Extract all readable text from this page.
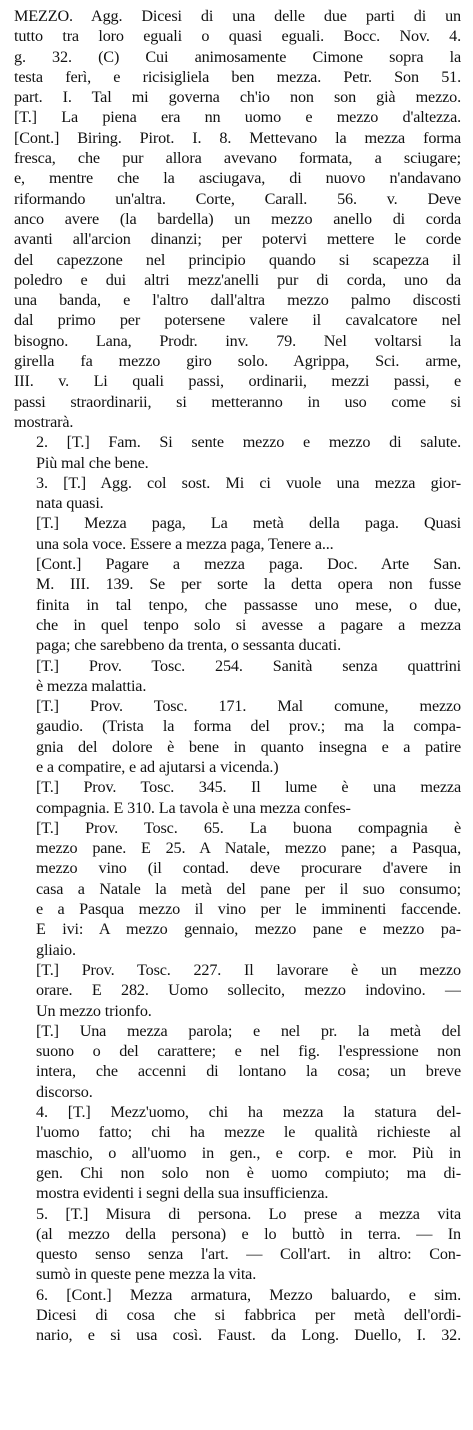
MEZZO. Agg. Dicesi di una delle due parti di un
tutto tra loro eguali o quasi eguali. Bocc. Nov. 4.
g. 32. (C) Cui animosamente Cimone sopra la
testa ferì, e ricisigliela ben mezza. Petr. Son 51.
part. I. Tal mi governa ch'io non son già mezzo.
[T.] La piena era nn uomo e mezzo d'altezza.
[Cont.] Biring. Pirot. I. 8. Mettevano la mezza forma
fresca, che pur allora avevano formata, a sciugare;
e, mentre che la asciugava, di nuovo n'andavano
riformando un'altra. Corte, Carall. 56. v. Deve
anco avere (la bardella) un mezzo anello di corda
avanti all'arcion dinanzi; per potervi mettere le corde
del capezzone nel principio quando si scapezza il
poledro e dui altri mezz'anelli pur di corda, uno da
una banda, e l'altro dall'altra mezzo palmo discosti
dal primo per potersene valere il cavalcatore nel
bisogno. Lana, Prodr. inv. 79. Nel voltarsi la
girella fa mezzo giro solo. Agrippa, Sci. arme,
III. v. Li quali passi, ordinarii, mezzi passi, e
passi straordinarii, si metteranno in uso come si
mostrarà.

2. [T.] Fam. Si sente mezzo e mezzo di salute.
Più mal che bene.

3. [T.] Agg. col sost. Mi ci vuole una mezza gior-
nata quasi.

[T.] Mezza paga, La metà della paga. Quasi
una sola voce. Essere a mezza paga, Tenere a...

[Cont.] Pagare a mezza paga. Doc. Arte San.
M. III. 139. Se per sorte la detta opera non fusse
finita in tal tenpo, che passasse uno mese, o due,
che in quel tenpo solo si avesse a pagare a mezza
paga; che sarebbeno da trenta, o sessanta ducati.

[T.] Prov. Tosc. 254. Sanità senza quattrini
è mezza malattia.

[T.] Prov. Tosc. 171. Mal comune, mezzo
gaudio. (Trista la forma del prov.; ma la compa-
gnia del dolore è bene in quanto insegna e a patire
e a compatire, e ad ajutarsi a vicenda.)

[T.] Prov. Tosc. 345. Il lume è una mezza
compagnia. E 310. La tavola è una mezza confes-

[T.] Prov. Tosc. 65. La buona compagnia è
mezzo pane. E 25. A Natale, mezzo pane; a Pasqua,
mezzo vino (il contad. deve procurare d'avere in
casa a Natale la metà del pane per il suo consumo;
e a Pasqua mezzo il vino per le imminenti faccende.
E ivi: A mezzo gennaio, mezzo pane e mezzo pa-
gliaio.

[T.] Prov. Tosc. 227. Il lavorare è un mezzo
orare. E 282. Uomo sollecito, mezzo indovino. —
Un mezzo trionfo.

[T.] Una mezza parola; e nel pr. la metà del
suono o del carattere; e nel fig. l'espressione non
intera, che accenni di lontano la cosa; un breve
discorso.

4. [T.] Mezz'uomo, chi ha mezza la statura del-
l'uomo fatto; chi ha mezze le qualità richieste al
maschio, o all'uomo in gen., e corp. e mor. Più in
gen. Chi non solo non è uomo compiuto; ma di-
mostra evidenti i segni della sua insufficienza.

5. [T.] Misura di persona. Lo prese a mezza vita
(al mezzo della persona) e lo buttò in terra. — In
questo senso senza l'art. — Coll'art. in altro: Con-
sumò in queste pene mezza la vita.

6. [Cont.] Mezza armatura, Mezzo baluardo, e sim.
Dicesi di cosa che si fabbrica per metà dell'ordi-
nario, e si usa così. Faust. da Long. Duello, I. 32.
